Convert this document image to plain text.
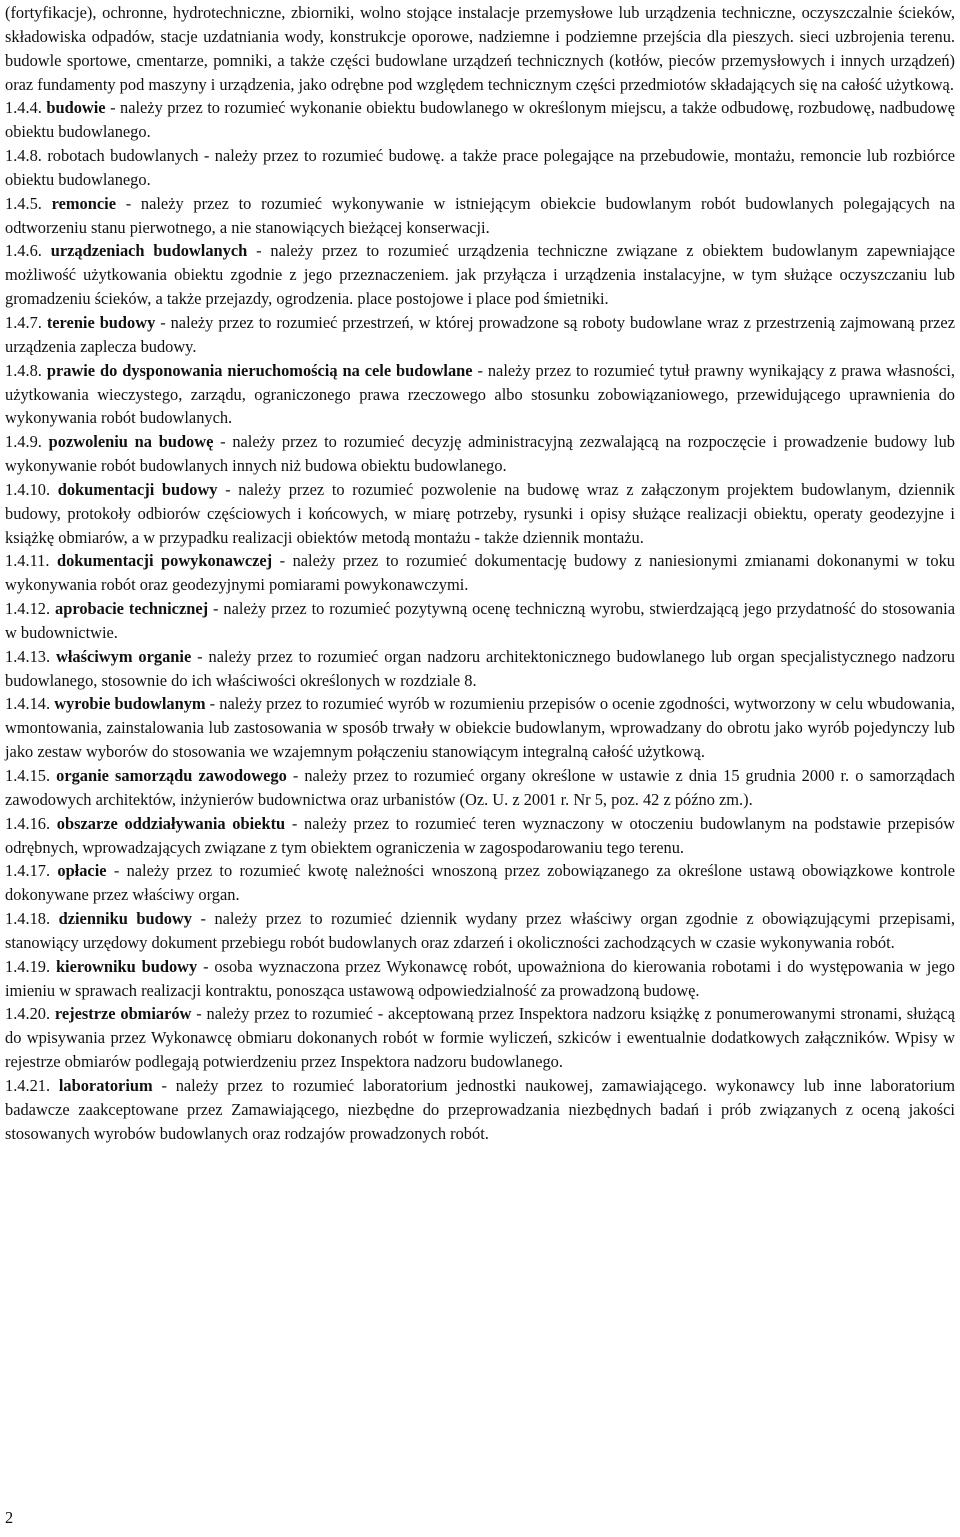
(fortyfikacje), ochronne, hydrotechniczne, zbiorniki, wolno stojące instalacje przemysłowe lub urządzenia techniczne, oczyszczalnie ścieków, składowiska odpadów, stacje uzdatniania wody, konstrukcje oporowe, nadziemne i podziemne przejścia dla pieszych. sieci uzbrojenia terenu. budowle sportowe, cmentarze, pomniki, a także części budowlane urządzeń technicznych (kotłów, pieców przemysłowych i innych urządzeń) oraz fundamenty pod maszyny i urządzenia, jako odrębne pod względem technicznym części przedmiotów składających się na całość użytkową.

1.4.4. budowie - należy przez to rozumieć wykonanie obiektu budowlanego w określonym miejscu, a także odbudowę, rozbudowę, nadbudowę obiektu budowlanego.

1.4.8. robotach budowlanych - należy przez to rozumieć budowę. a także prace polegające na przebudowie, montażu, remoncie lub rozbiórce obiektu budowlanego.

1.4.5. remoncie - należy przez to rozumieć wykonywanie w istniejącym obiekcie budowlanym robót budowlanych polegających na odtworzeniu stanu pierwotnego, a nie stanowiących bieżącej konserwacji.

1.4.6. urządzeniach budowlanych - należy przez to rozumieć urządzenia techniczne związane z obiektem budowlanym zapewniające możliwość użytkowania obiektu zgodnie z jego przeznaczeniem. jak przyłącza i urządzenia instalacyjne, w tym służące oczyszczaniu lub gromadzeniu ścieków, a także przejazdy, ogrodzenia. place postojowe i place pod śmietniki.

1.4.7. terenie budowy - należy przez to rozumieć przestrzeń, w której prowadzone są roboty budowlane wraz z przestrzenią zajmowaną przez urządzenia zaplecza budowy.

1.4.8. prawie do dysponowania nieruchomością na cele budowlane - należy przez to rozumieć tytuł prawny wynikający z prawa własności, użytkowania wieczystego, zarządu, ograniczonego prawa rzeczowego albo stosunku zobowiązaniowego, przewidującego uprawnienia do wykonywania robót budowlanych.

1.4.9. pozwoleniu na budowę - należy przez to rozumieć decyzję administracyjną zezwalającą na rozpoczęcie i prowadzenie budowy lub wykonywanie robót budowlanych innych niż budowa obiektu budowlanego.

1.4.10. dokumentacji budowy - należy przez to rozumieć pozwolenie na budowę wraz z załączonym projektem budowlanym, dziennik budowy, protokoły odbiorów częściowych i końcowych, w miarę potrzeby, rysunki i opisy służące realizacji obiektu, operaty geodezyjne i książkę obmiarów, a w przypadku realizacji obiektów metodą montażu - także dziennik montażu.

1.4.11. dokumentacji powykonawczej - należy przez to rozumieć dokumentację budowy z naniesionymi zmianami dokonanymi w toku wykonywania robót oraz geodezyjnymi pomiarami powykonawczymi.

1.4.12. aprobacie technicznej - należy przez to rozumieć pozytywną ocenę techniczną wyrobu, stwierdzającą jego przydatność do stosowania w budownictwie.

1.4.13. właściwym organie - należy przez to rozumieć organ nadzoru architektonicznego budowlanego lub organ specjalistycznego nadzoru budowlanego, stosownie do ich właściwości określonych w rozdziale 8.

1.4.14. wyrobie budowlanym - należy przez to rozumieć wyrób w rozumieniu przepisów o ocenie zgodności, wytworzony w celu wbudowania, wmontowania, zainstalowania lub zastosowania w sposób trwały w obiekcie budowlanym, wprowadzany do obrotu jako wyrób pojedynczy lub jako zestaw wyborów do stosowania we wzajemnym połączeniu stanowiącym integralną całość użytkową.

1.4.15. organie samorządu zawodowego - należy przez to rozumieć organy określone w ustawie z dnia 15 grudnia 2000 r. o samorządach zawodowych architektów, inżynierów budownictwa oraz urbanistów (Oz. U. z 2001 r. Nr 5, poz. 42 z późno zm.).

1.4.16. obszarze oddziaływania obiektu - należy przez to rozumieć teren wyznaczony w otoczeniu budowlanym na podstawie przepisów odrębnych, wprowadzających związane z tym obiektem ograniczenia w zagospodarowaniu tego terenu.

1.4.17. opłacie - należy przez to rozumieć kwotę należności wnoszoną przez zobowiązanego za określone ustawą obowiązkowe kontrole dokonywane przez właściwy organ.

1.4.18. dzienniku budowy - należy przez to rozumieć dziennik wydany przez właściwy organ zgodnie z obowiązującymi przepisami, stanowiący urzędowy dokument przebiegu robót budowlanych oraz zdarzeń i okoliczności zachodzących w czasie wykonywania robót.

1.4.19. kierowniku budowy - osoba wyznaczona przez Wykonawcę robót, upoważniona do kierowania robotami i do występowania w jego imieniu w sprawach realizacji kontraktu, ponosząca ustawową odpowiedzialność za prowadzoną budowę.

1.4.20. rejestrze obmiarów - należy przez to rozumieć - akceptowaną przez Inspektora nadzoru książkę z ponumerowanymi stronami, służącą do wpisywania przez Wykonawcę obmiaru dokonanych robót w formie wyliczeń, szkiców i ewentualnie dodatkowych załączników. Wpisy w rejestrze obmiarów podlegają potwierdzeniu przez Inspektora nadzoru budowlanego.

1.4.21. laboratorium - należy przez to rozumieć laboratorium jednostki naukowej, zamawiającego. wykonawcy lub inne laboratorium badawcze zaakceptowane przez Zamawiającego, niezbędne do przeprowadzania niezbędnych badań i prób związanych z oceną jakości stosowanych wyrobów budowlanych oraz rodzajów prowadzonych robót.

2
